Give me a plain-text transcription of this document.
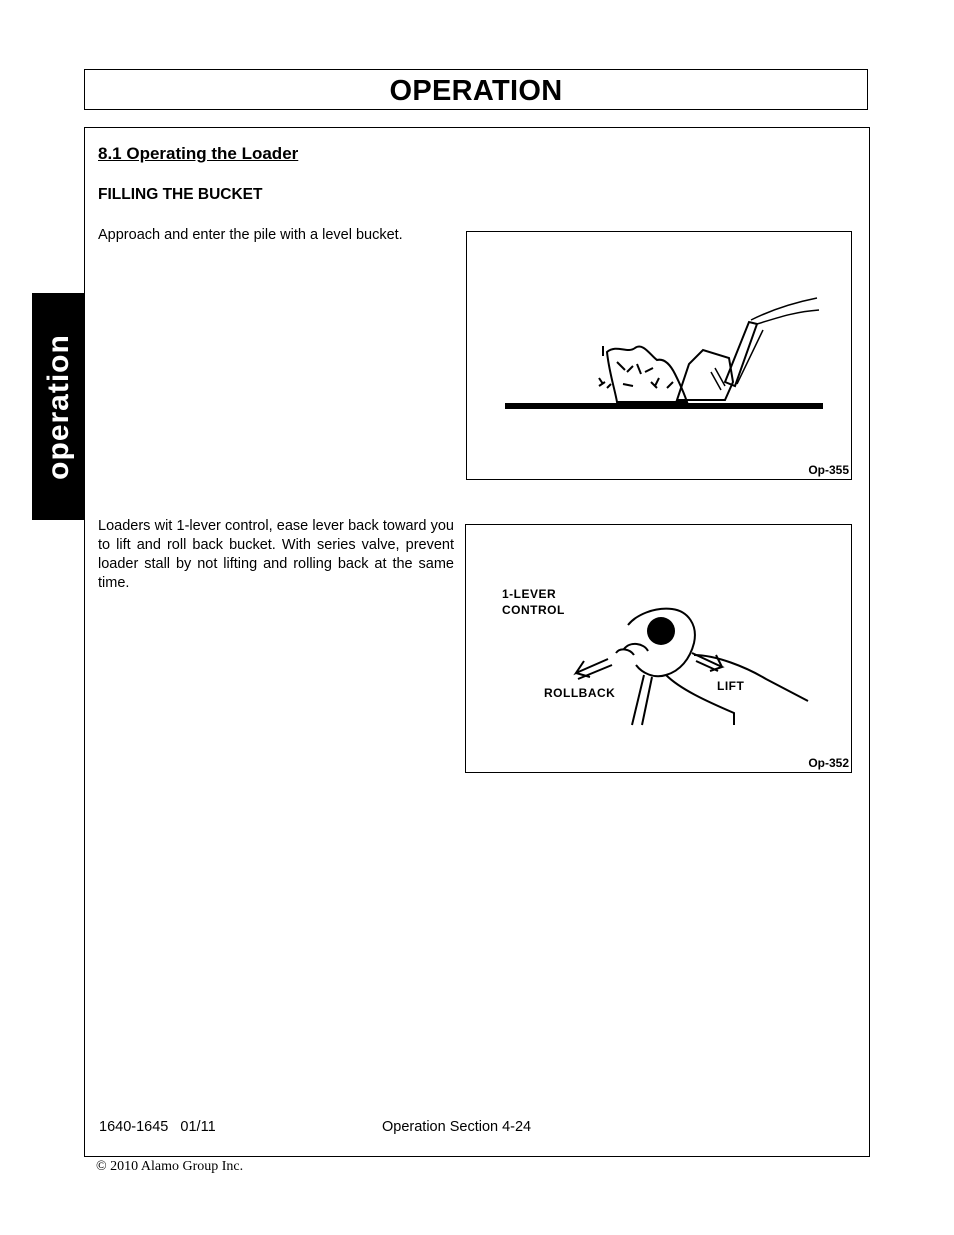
OPERATION
operation
8.1 Operating the Loader
FILLING THE BUCKET
Approach and enter the pile with a level bucket.
Loaders wit 1-lever control, ease lever back toward you to lift and roll back bucket. With series valve, prevent loader stall by not lifting and rolling back at the same time.
Op-355
1-LEVER
CONTROL
ROLLBACK	LIFT
Op-352
1640-1645   01/11	Operation Section 4-24
© 2010 Alamo Group Inc.
